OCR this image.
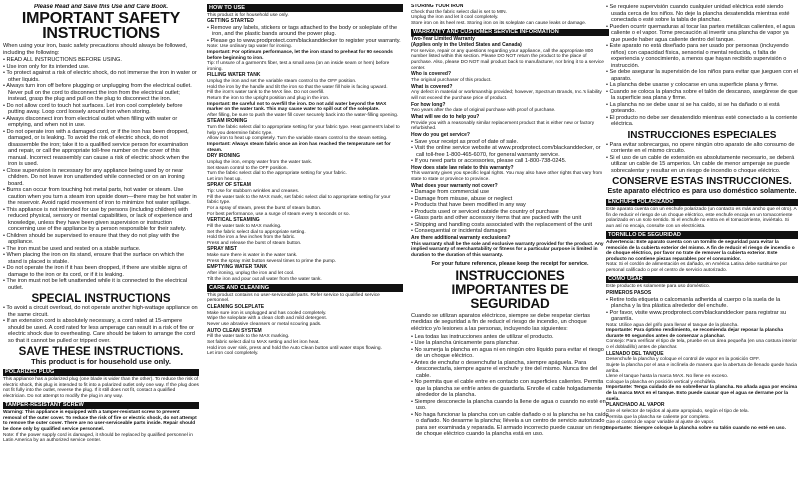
Please Read and Save this Use and Care Book.
IMPORTANT SAFETY
INSTRUCTIONS

When using your iron, basic safety precautions should always be followed, including the following:

• READ ALL INSTRUCTIONS BEFORE USING.
• Use iron only for its intended use.
• To protect against a risk of electric shock, do not immerse the iron in water or other liquids.
• Always turn iron off before plugging or unplugging from the electrical outlet. Never pull on the cord to disconnect the iron from the electrical outlet; instead, grasp the plug and pull on the plug to disconnect the iron.
• Do not allow cord to touch hot surfaces. Let iron cool completely before putting away. Loop cord loosely around iron when storing.
• Always disconnect iron from electrical outlet when filling with water or emptying, and when not in use.
• Do not operate iron with a damaged cord, or if the iron has been dropped, damaged, or is leaking. To avoid the risk of electric shock, do not disassemble the iron; take it to a qualified service person for examination and repair, or call the appropriate toll-free number on the cover of this manual. Incorrect reassembly can cause a risk of electric shock when the iron is used.
• Close supervision is necessary for any appliance being used by or near children. Do not leave iron unattended while connected or on an ironing board.
• Burns can occur from touching hot metal parts, hot water or steam. Use caution when you turn a steam iron upside down—there may be hot water in the reservoir. Avoid rapid movement of iron to minimize hot water spillage.
• This appliance is not intended for use by persons (including children) with reduced physical, sensory or mental capabilities, or lack of experience and knowledge, unless they have been given supervision or instruction concerning use of the appliance by a person responsible for their safety.
• Children should be supervised to ensure that they do not play with the appliance.
• The iron must be used and rested on a stable surface.
• When placing the iron on its stand, ensure that the surface on which the stand is placed is stable.
• Do not operate the iron if it has been dropped, if there are visible signs of damage to the iron or its cord, or if it is leaking.
• The iron must not be left unattended while it is connected to the electrical outlet.
SPECIAL INSTRUCTIONS
• To avoid a circuit overload, do not operate another high-wattage appliance on the same circuit.
• If an extension cord is absolutely necessary, a cord rated at 15-ampere should be used. A cord rated for less amperage can result in a risk of fire or electric shock due to overheating. Care should be taken to arrange the cord so that it cannot be pulled or tripped over.
SAVE THESE INSTRUCTIONS.
This product is for household use only.
POLARIZED PLUG

This appliance has a polarized plug (one blade is wider than the other). To reduce the risk of electric shock, this plug is intended to fit into a polarized outlet only one way. If the plug does not fit fully into the outlet, reverse the plug. If it still does not fit, contact a qualified electrician. Do not attempt to modify the plug in any way.

TAMPER-RESISTANT SCREW

Warning: This appliance is equipped with a tamper-resistant screw to prevent removal of the outer cover. To reduce the risk of fire or electric shock, do not attempt to remove the outer cover. There are no user-serviceable parts inside. Repair should be done only by qualified service personnel.

Note: If the power supply cord is damaged, it should be replaced by qualified personnel in Latin America by an authorized service center.

HOW TO USE

This product is for household use only.

GETTING STARTED

• Remove any labels, stickers or tags attached to the body or soleplate of the iron, and the plastic bands around the power plug.
• Please go to www.prodprotect.com/blackanddecker to register your warranty.

Note: Use ordinary tap water for ironing.

Important: For optimum performance, let the iron stand to preheat for 90 seconds before beginning to iron.

Tip: If unsure of a garment's fiber, test a small area (on an inside seam or hem) before ironing.

FILLING WATER TANK

Unplug the iron and set the variable steam control to the OFF position.

Hold the iron by the handle and tilt the iron so that the water fill hole is facing upward.

Fill the iron's water tank to the MAX line. Do not overfill.

Return the iron to the upright position and plug in the iron.

Important: Be careful not to overfill the iron. Do not add water beyond the MAX marker on the water tank. This may cause water to spill out of the soleplate.

After filling, be sure to push the water fill cover securely back into the water-filling opening.

STEAM IRONING

Turn the fabric select dial to appropriate setting for your fabric type. Heat garment's label to help you determine fabric type.

Allow iron to heat up completely. Turn the variable steam control to the steam setting.

Important: Always steam fabric once an iron has reached the temperature set for steam.

DRY IRONING

Unplug the iron, empty water from the water tank.

Set steam control to the OFF position.

Turn the fabric select dial to the appropriate setting for your fabric.

Let iron heat up.

SPRAY OF STEAM

Tip: Use for stubborn wrinkles and creases.

Fill the water tank to the MAX mark, set fabric select dial to appropriate setting for your fabric type.

For a spray of steam, press the burst of steam button.

For best performance, use a surge of steam every 5 seconds or so.

VERTICAL STEAMING

Fill the water tank to MAX marking.

Set the fabric select dial to appropriate setting.

Hold the iron a few inches from the fabric.

Press and release the burst of steam button.

SPRAY MIST

Make sure there is water in the water tank.

Press the spray mist button several times to prime the pump.

EMPTYING WATER TANK

After ironing, unplug the iron and let cool.

Tilt the iron and pour out all water from the water tank.

CARE AND CLEANING

This product contains no user-serviceable parts. Refer service to qualified service personnel.

CLEANING SOLEPLATE

Make sure iron is unplugged and has cooled completely.

Wipe the soleplate with a clean cloth and mild detergent.

Never use abrasive cleansers or metal scouring pads.

AUTO CLEAN SYSTEM

Fill the water tank to the MAX marking.

Set fabric select dial to MAX setting and let iron heat.

Hold iron over sink, press and hold the Auto Clean button until water stops flowing.

Let iron cool completely.

STORING YOUR IRON

Check that the fabric select dial is set to MIN.

Unplug the iron and let it cool completely.

Store iron on its heel rest. Storing iron on its soleplate can cause leaks or damage.

WARRANTY AND CUSTOMER SERVICE INFORMATION

Two-Year Limited Warranty

(Applies only in the United States and Canada)

For service, repair or any questions regarding your appliance, call the appropriate 800 number listed within this section. Please DO NOT return the product to the place of purchase. Also, please DO NOT mail product back to manufacturer, nor bring it to a service center.

Who is covered?

The original purchaser of this product.

What is covered?

Any defect in material or workmanship provided; however, Spectrum Brands, Inc.'s liability will not exceed the purchase price of product.

For how long?

Two years after the date of original purchase with proof of purchase.

What will we do to help you?

Provide you with a reasonably similar replacement product that is either new or factory refurbished.

How do you get service?

• Save your receipt as proof of date of sale.
• Visit the online service website at www.prodprotect.com/blackanddecker, or call toll-free 1-800-465-6070, for general warranty service.
• If you need parts or accessories, please call 1-800-738-0245.

How does state law relate to this warranty?

This warranty gives you specific legal rights. You may also have other rights that vary from state to state or province to province.

What does your warranty not cover?

• Damage from commercial use
• Damage from misuse, abuse or neglect
• Products that have been modified in any way
• Products used or serviced outside the country of purchase
• Glass parts and other accessory items that are packed with the unit
• Shipping and handling costs associated with the replacement of the unit
• Consequential or incidental damages

Are there additional warranty exclusions?

This warranty shall be the sole and exclusive warranty provided for the product. Any implied warranty of merchantability or fitness for a particular purpose is limited in duration to the duration of this warranty.

For your future reference, please keep the receipt for service.

INSTRUCCIONES
IMPORTANTES DE SEGURIDAD

Cuando se utilizan aparatos eléctricos, siempre se debe respetar ciertas medidas de seguridad a fin de reducir el riesgo de incendio, un choque eléctrico y/o lesiones a las personas, incluyendo las siguientes:

• Lea todas las instrucciones antes de utilizar el producto.
• Use la plancha únicamente para planchar.
• No sumerja la plancha en agua ni en ningún otro líquido para evitar el riesgo de un choque eléctrico.
• Antes de enchufar o desenchufar la plancha, siempre apáguela. Para desconectarla, siempre agarre el enchufe y tire del mismo. Nunca tire del cable.
• No permita que el cable entre en contacto con superficies calientes. Permita que la plancha se enfríe antes de guardarla. Enrolle el cable holgadamente alrededor de la plancha.
• Siempre desconecte la plancha cuando la llene de agua o cuando no esté en uso.
• No haga funcionar la plancha con un cable dañado o si la plancha se ha caído o dañado. No desarme la plancha; llévela a un centro de servicio autorizado para ser examinada y reparada. El armado incorrecto puede causar un riesgo de choque eléctrico cuando la plancha está en uso.
• Se requiere supervisión cuando cualquier unidad eléctrica esté siendo usada cerca de los niños. No deje la plancha desatendida mientras esté conectada o esté sobre la tabla de planchar.
• Pueden ocurrir quemaduras al tocar las partes metálicas calientes, el agua caliente o el vapor. Tome precaución al invertir una plancha de vapor ya que puede haber agua caliente dentro del tanque.
• Este aparato no está diseñado para ser usado por personas (incluyendo niños) con capacidad física, sensorial o mental reducida, o falta de experiencia y conocimiento, a menos que hayan recibido supervisión o instrucción.
• Se debe asegurar la supervisión de los niños para evitar que jueguen con el aparato.
• La plancha debe usarse y colocarse en una superficie plana y firme.
• Cuando se coloca la plancha sobre el talón de descanso, asegúrese de que la superficie sea plana y firme.
• La plancha no se debe usar si se ha caído, si se ha dañado o si está goteando.
• El producto no debe ser desatendido mientras esté conectado a la corriente eléctrica.
INSTRUCCIONES ESPECIALES
• Para evitar sobrecargas, no opere ningún otro aparato de alto consumo de corriente en el mismo circuito.
• Si el uso de un cable de extensión es absolutamente necesario, se deberá utilizar un cable de 15 amperios. Un cable de menor amperaje se puede sobrecalentar y resultar en un riesgo de incendio o choque eléctrico.
CONSERVE ESTAS INSTRUCCIONES.
Este aparato eléctrico es para uso doméstico solamente.
ENCHUFE POLARIZADO

Este aparato cuenta con un enchufe polarizado (un contacto es más ancho que el otro). A fin de reducir el riesgo de un choque eléctrico, este enchufe encaja en un tomacorriente polarizado en un solo sentido. Si el enchufe no entra en el tomacorriente, inviértalo. Si aun así no encaja, consulte con un electricista.

TORNILLO DE SEGURIDAD

Advertencia: Este aparato cuenta con un tornillo de seguridad para evitar la remoción de la cubierta exterior del mismo. A fin de reducir el riesgo de incendio o de choque eléctrico, por favor no trate de remover la cubierta exterior. Este producto no contiene piezas reparables por el consumidor.

Nota: Si el cordón de alimentación es dañado, en América Latina debe sustituirse por personal calificado o por el centro de servicio autorizado.

COMO USAR

Este producto es solamente para uso doméstico.

PRIMEROS PASOS

• Retire toda etiqueta o calcomanía adherida al cuerpo o la suela de la plancha y la tira plástica alrededor del enchufe.
• Por favor, visite www.prodprotect.com/blackanddecker para registrar su garantía.

Nota: Utilice agua del grifo para llenar el tanque de la plancha.

Importante: Para óptimo rendimiento, se recomienda dejar reposar la plancha durante 90 segundos antes de comenzar a planchar.

Consejo: Para verificar el tipo de tela, pruebe en un área pequeña (en una costura interior o el dobladillo) antes de planchar.

LLENADO DEL TANQUE

Desenchufe la plancha y coloque el control de vapor en la posición OFF.

Sujete la plancha por el asa e inclínela de manera que la abertura de llenado quede hacia arriba.

Llene el tanque hasta la marca MAX. No llene en exceso.

Coloque la plancha en posición vertical y enchúfela.

Importante: Tenga cuidado de no sobrellenar la plancha. No añada agua por encima de la marca MAX en el tanque. Esto puede causar que el agua se derrame por la suela.

PLANCHADO AL VAPOR

Gire el selector de tejidos al ajuste apropiado, según el tipo de tela.

Permita que la plancha se caliente por completo.

Gire el control de vapor variable al ajuste de vapor.

Importante: Siempre coloque la plancha sobre su talón cuando no esté en uso.
